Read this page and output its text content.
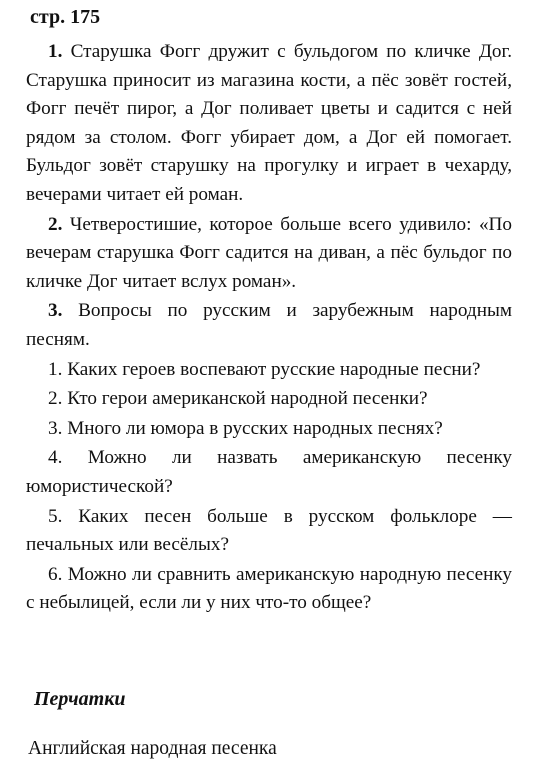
стр. 175

1. Старушка Фогг дружит с бульдогом по кличке Дог. Старушка приносит из магазина кости, а пёс зовёт гостей, Фогг печёт пирог, а Дог поливает цветы и садится с ней рядом за столом. Фогг убирает дом, а Дог ей помогает. Бульдог зовёт старушку на прогулку и играет в чехарду, вечерами читает ей роман.

2. Четверостишие, которое больше всего удивило: «По вечерам старушка Фогг садится на диван, а пёс бульдог по кличке Дог читает вслух роман».

3. Вопросы по русским и зарубежным народным песням.

1. Каких героев воспевают русские народные песни?

2. Кто герои американской народной песенки?

3. Много ли юмора в русских народных песнях?

4. Можно ли назвать американскую песенку юмористической?

5. Каких песен больше в русском фольклоре — печальных или весёлых?

6. Можно ли сравнить американскую народную песенку с небылицей, если ли у них что-то общее?

Перчатки
Английская народная песенка
